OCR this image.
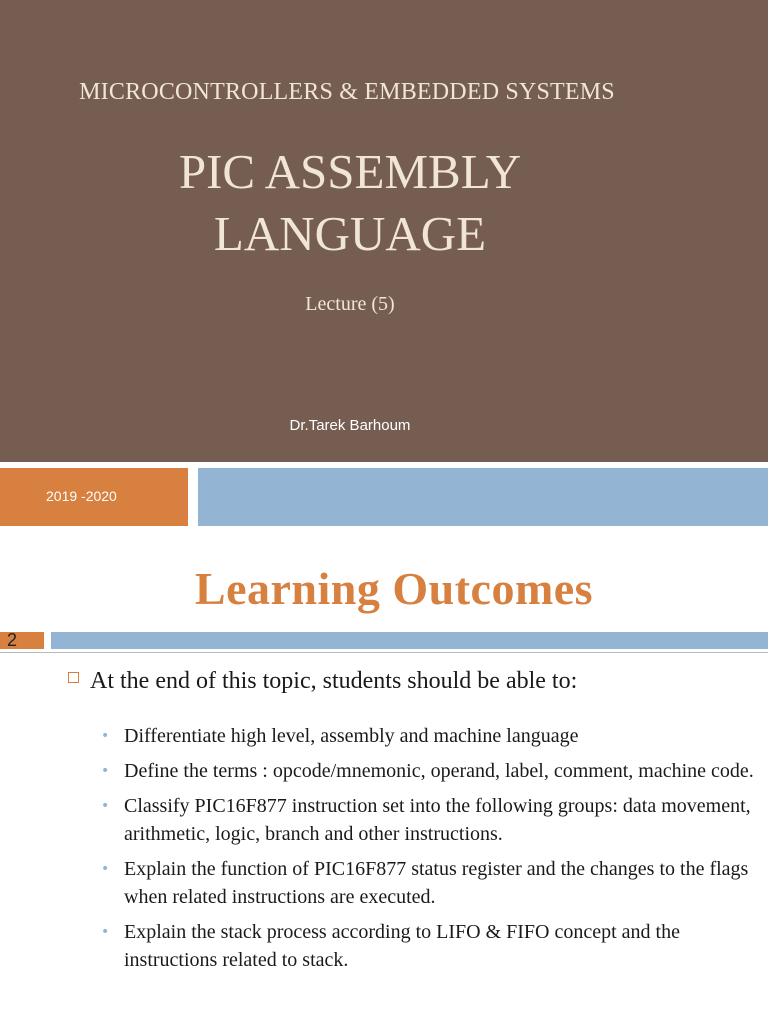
MICROCONTROLLERS & EMBEDDED SYSTEMS
PIC ASSEMBLY
LANGUAGE
Lecture (5)
Dr.Tarek Barhoum
2019 -2020
Learning Outcomes
2
At the end of this topic, students should be able to:
• Differentiate high level, assembly and machine language
• Define the terms : opcode/mnemonic, operand, label, comment, machine code.
• Classify PIC16F877 instruction set into the following groups: data movement, arithmetic, logic, branch and other instructions.
• Explain the function of PIC16F877 status register and the changes to the flags when related instructions are executed.
• Explain the stack process according to LIFO & FIFO concept and the instructions related to stack.
